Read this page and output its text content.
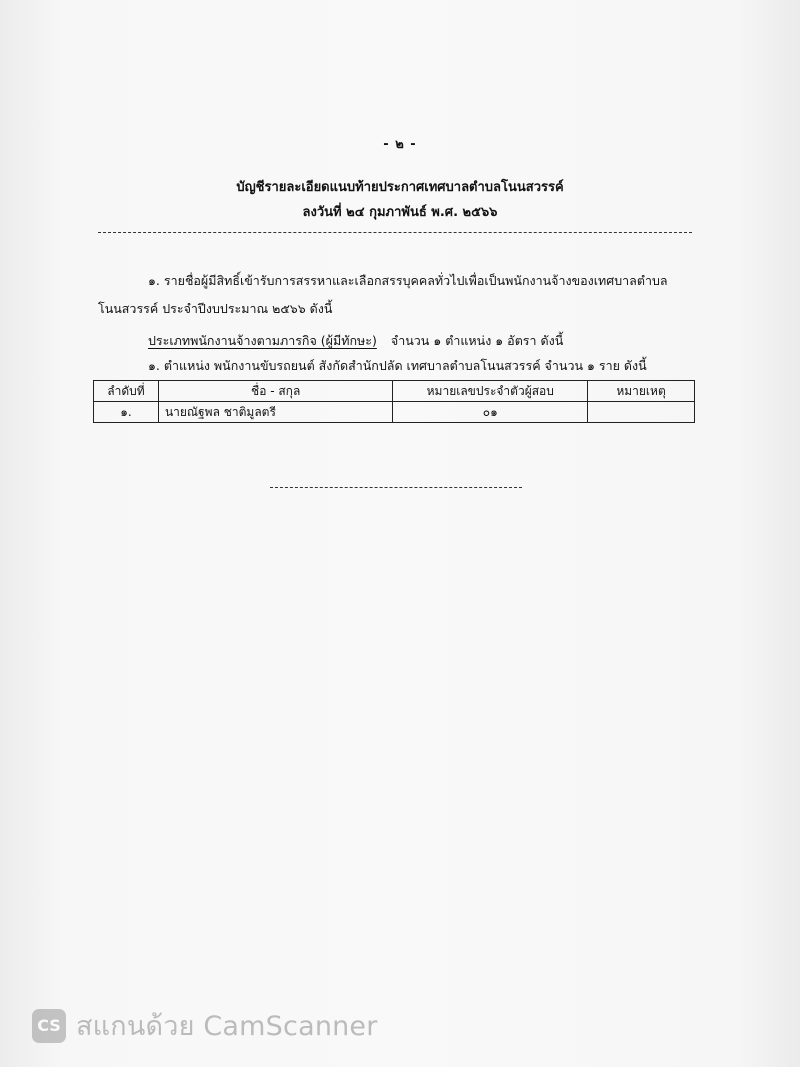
- ๒ -
บัญชีรายละเอียดแนบท้ายประกาศเทศบาลตำบลโนนสวรรค์
ลงวันที่ ๒๔ กุมภาพันธ์ พ.ศ. ๒๕๖๖
๑. รายชื่อผู้มีสิทธิ์เข้ารับการสรรหาและเลือกสรรบุคคลทั่วไปเพื่อเป็นพนักงานจ้างของเทศบาลตำบล
โนนสวรรค์ ประจำปีงบประมาณ ๒๕๖๖ ดังนี้
ประเภทพนักงานจ้างตามภารกิจ (ผู้มีทักษะ) จำนวน ๑ ตำแหน่ง ๑ อัตรา ดังนี้
๑. ตำแหน่ง พนักงานขับรถยนต์ สังกัดสำนักปลัด เทศบาลตำบลโนนสวรรค์ จำนวน ๑ ราย ดังนี้
ลำดับที่	ชื่อ - สกุล	หมายเลขประจำตัวผู้สอบ	หมายเหตุ
๑.	นายณัฐพล ชาติมูลตรี	๐๑	
CS สแกนด้วย CamScanner
